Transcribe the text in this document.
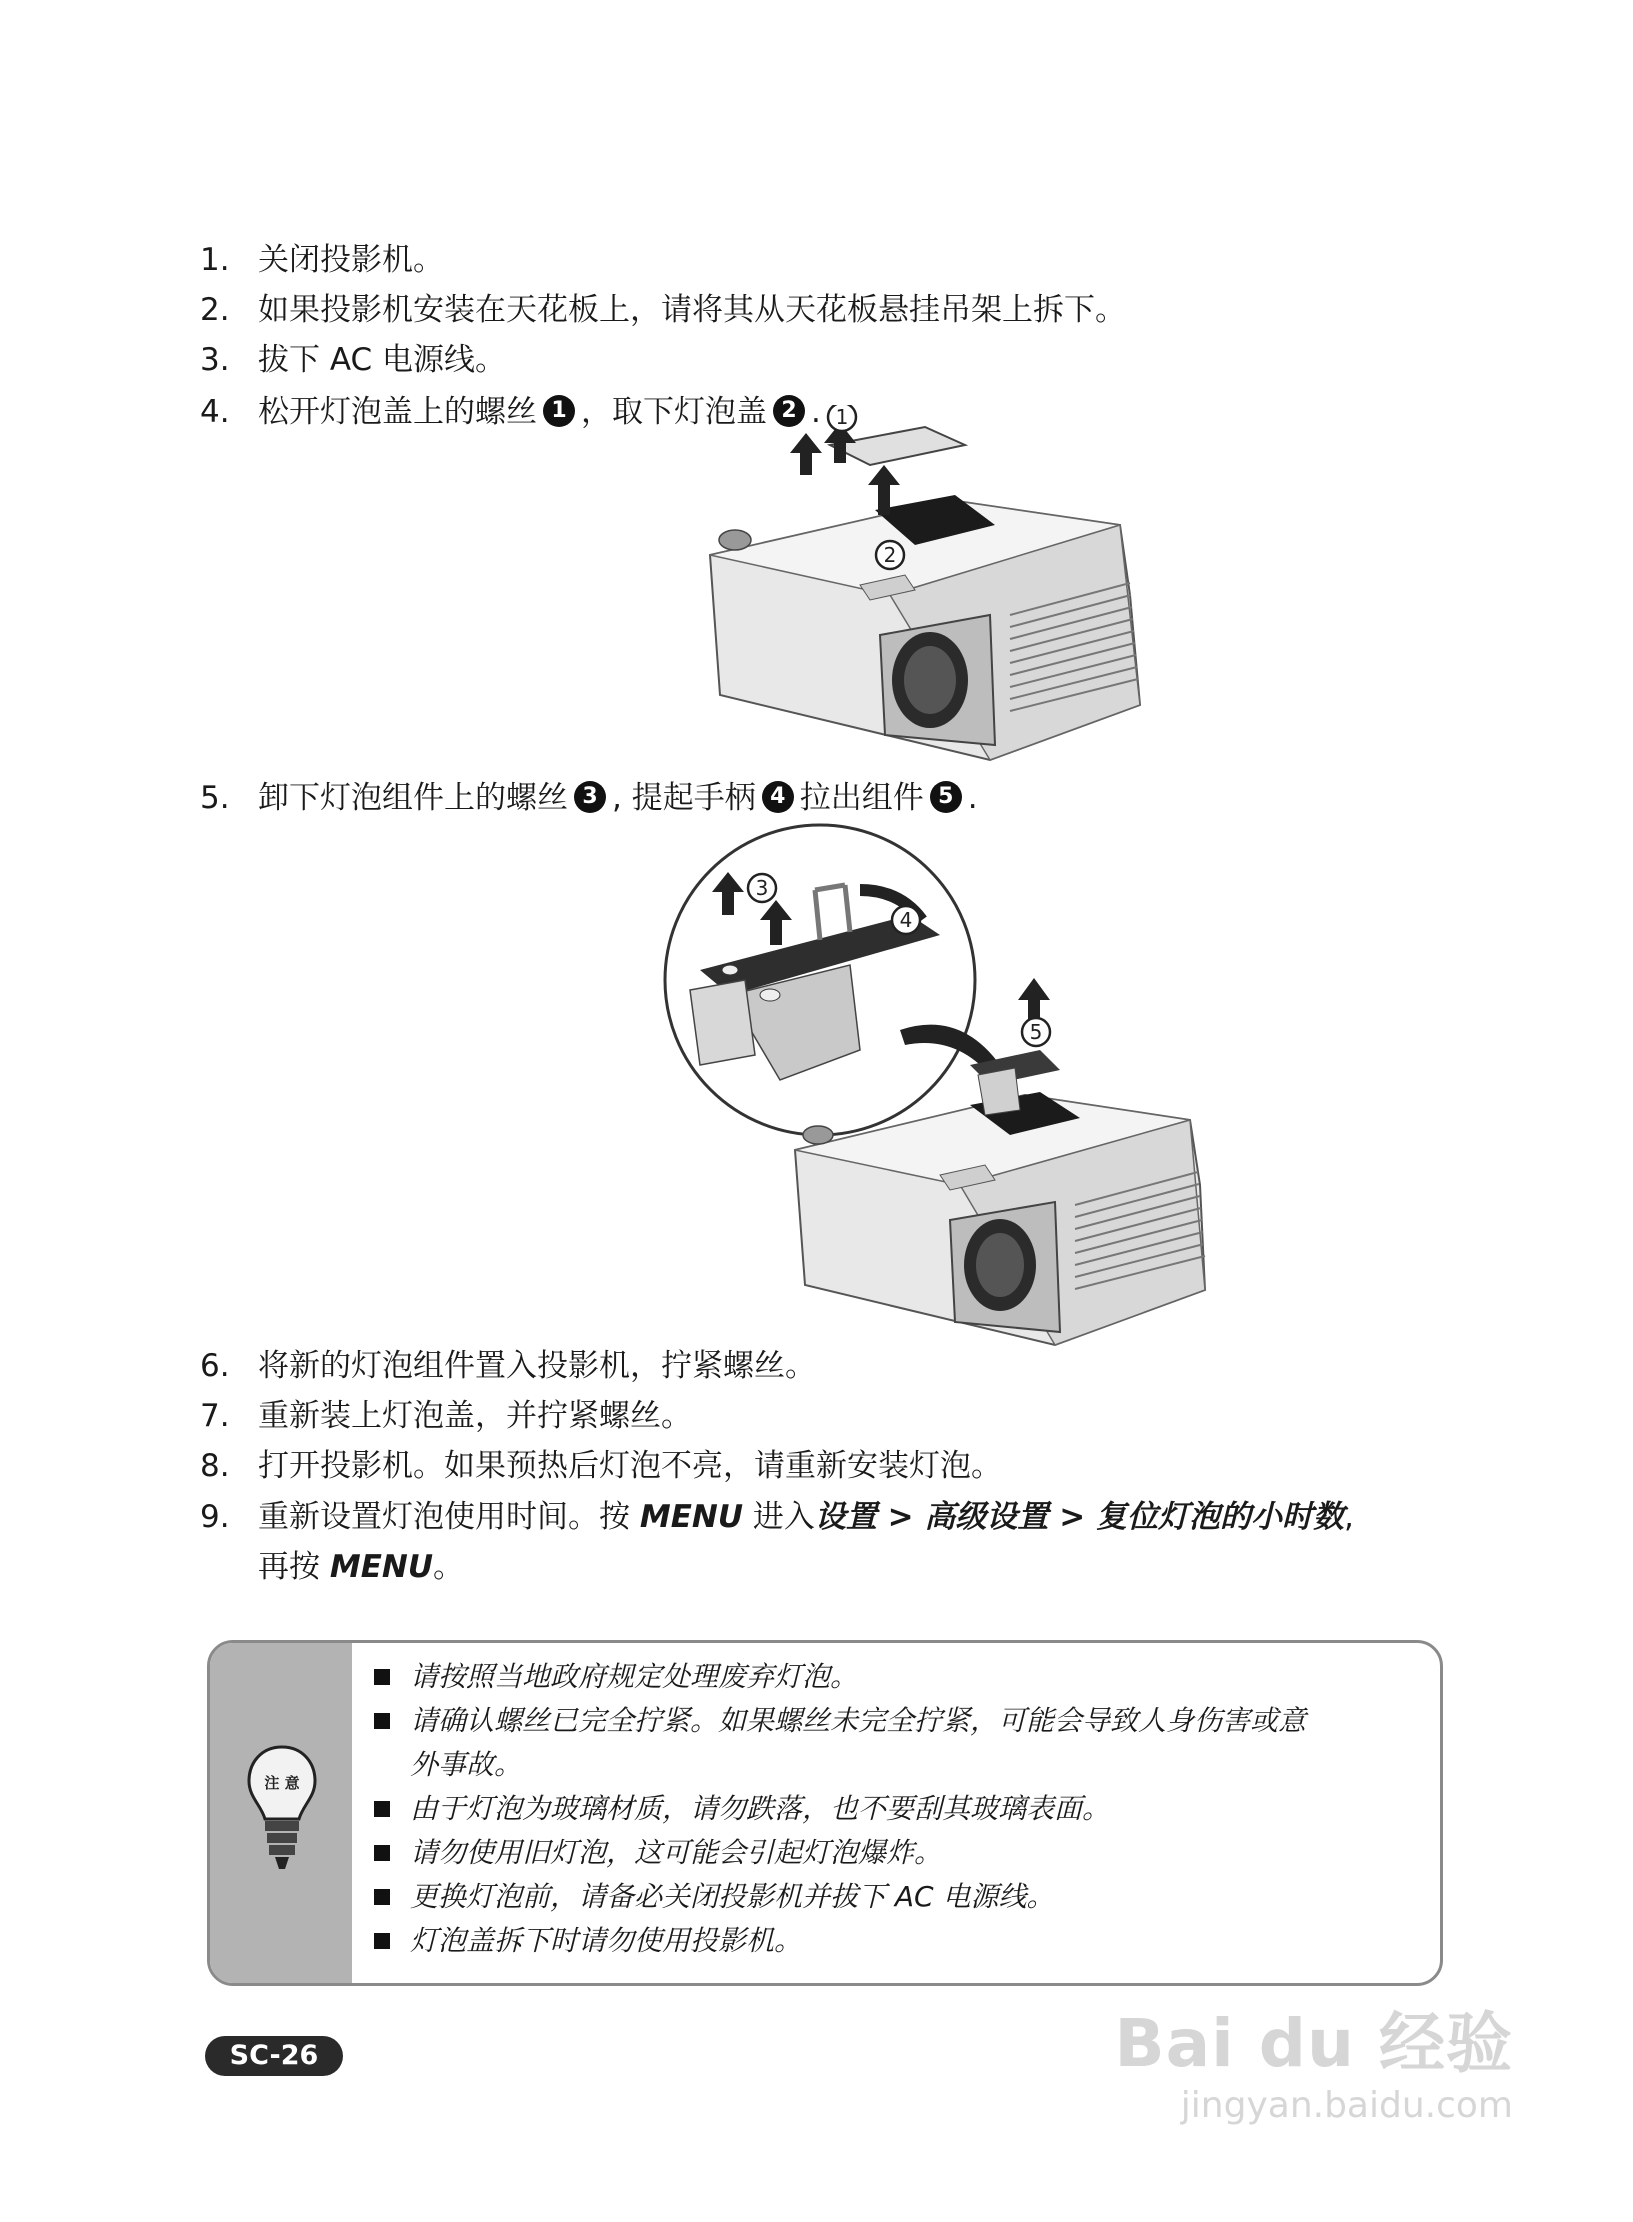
1. 关闭投影机。
2. 如果投影机安装在天花板上，请将其从天花板悬挂吊架上拆下。
3. 拔下 AC 电源线。
4. 松开灯泡盖上的螺丝 1 ，取下灯泡盖 2 . 1
2
5. 卸下灯泡组件上的螺丝 3 , 提起手柄 4 拉出组件 5 .
3
4
5
6. 将新的灯泡组件置入投影机，拧紧螺丝。
7. 重新装上灯泡盖，并拧紧螺丝。
8. 打开投影机。如果预热后灯泡不亮，请重新安装灯泡。
9. 重新设置灯泡使用时间。按 MENU 进入设置 > 高级设置 > 复位灯泡的小时数,
再按 MENU。
注 意
请按照当地政府规定处理废弃灯泡。
请确认螺丝已完全拧紧。如果螺丝未完全拧紧，可能会导致人身伤害或意
外事故。
由于灯泡为玻璃材质，请勿跌落，也不要刮其玻璃表面。
请勿使用旧灯泡，这可能会引起灯泡爆炸。
更换灯泡前，请备必关闭投影机并拔下 AC 电源线。
灯泡盖拆下时请勿使用投影机。
SC-26	Bai du 经验
jingyan.baidu.com
